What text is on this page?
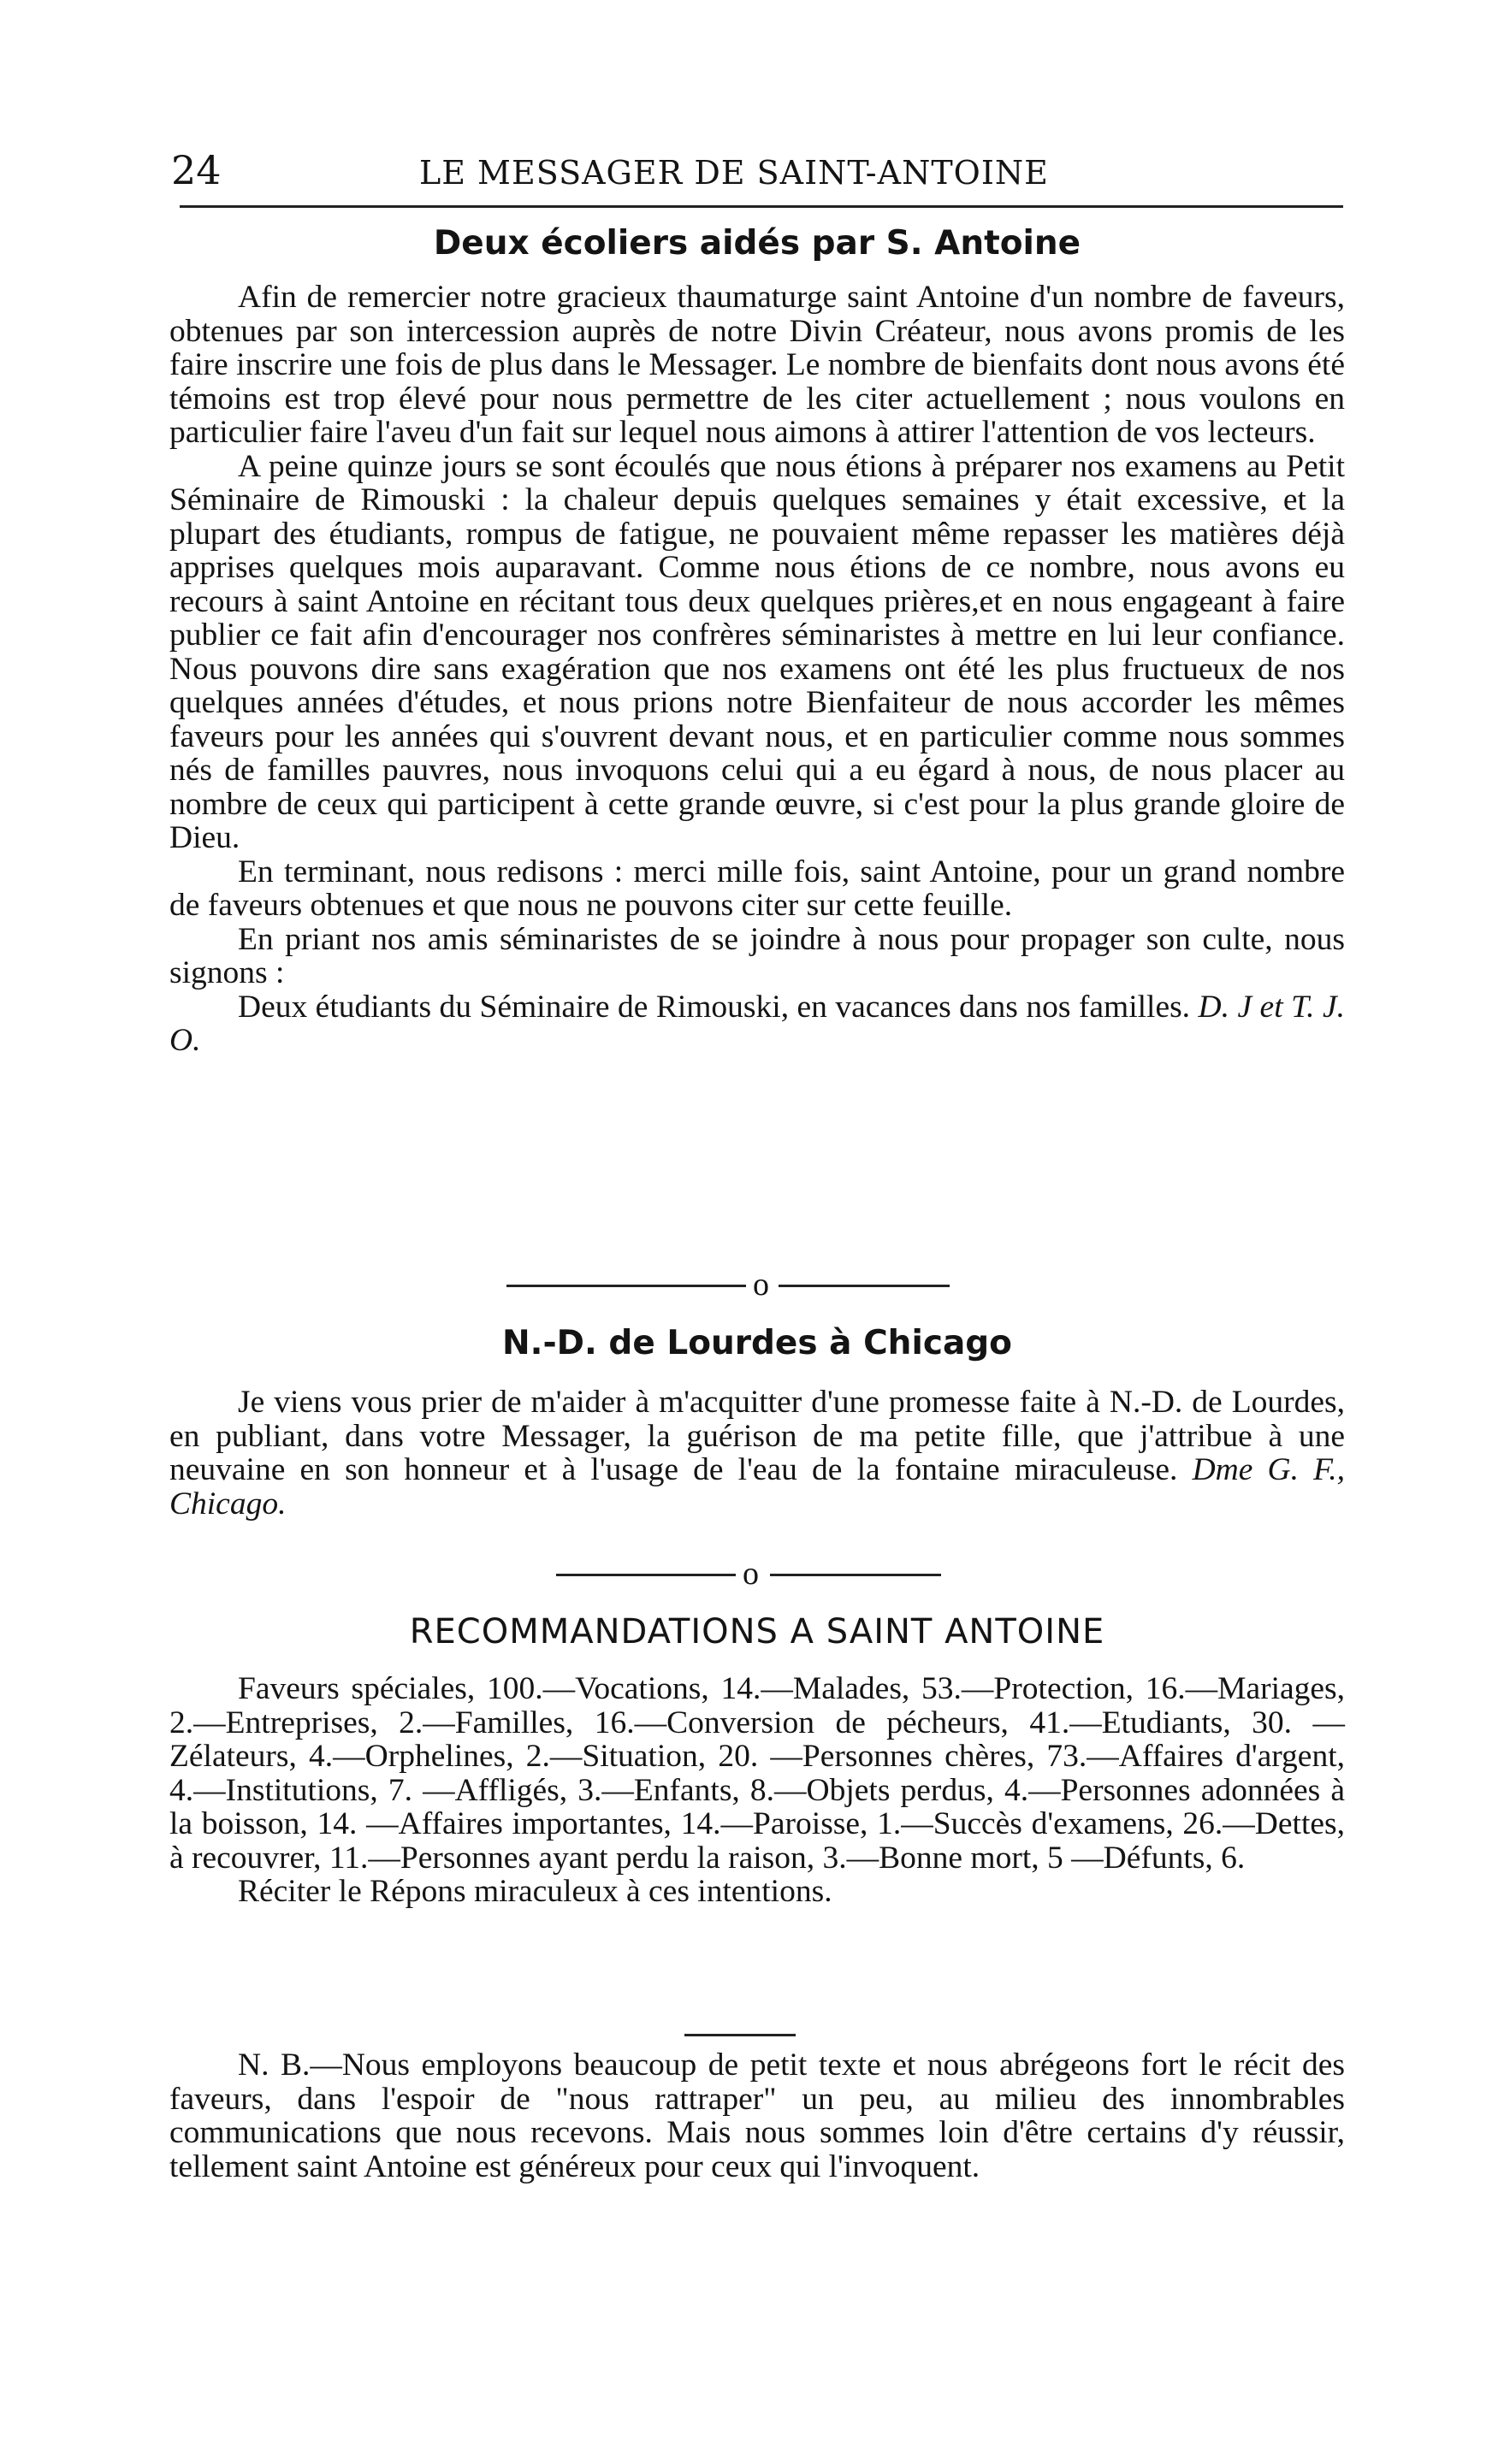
24	LE MESSAGER DE SAINT-ANTOINE
Deux écoliers aidés par S. Antoine

Afin de remercier notre gracieux thaumaturge saint Antoine d'un nombre de faveurs, obtenues par son intercession auprès de notre Divin Créateur, nous avons promis de les faire inscrire une fois de plus dans le Messager. Le nombre de bienfaits dont nous avons été témoins est trop élevé pour nous permettre de les citer actuellement ; nous voulons en particulier faire l'aveu d'un fait sur lequel nous aimons à attirer l'attention de vos lecteurs.

A peine quinze jours se sont écoulés que nous étions à préparer nos examens au Petit Séminaire de Rimouski : la chaleur depuis quelques semaines y était excessive, et la plupart des étudiants, rompus de fatigue, ne pouvaient même repasser les matières déjà apprises quelques mois auparavant. Comme nous étions de ce nombre, nous avons eu recours à saint Antoine en récitant tous deux quelques prières,et en nous engageant à faire publier ce fait afin d'encourager nos confrères séminaristes à mettre en lui leur confiance. Nous pouvons dire sans exagération que nos examens ont été les plus fructueux de nos quelques années d'études, et nous prions notre Bienfaiteur de nous accorder les mêmes faveurs pour les années qui s'ouvrent devant nous, et en particulier comme nous sommes nés de familles pauvres, nous invoquons celui qui a eu égard à nous, de nous placer au nombre de ceux qui participent à cette grande œuvre, si c'est pour la plus grande gloire de Dieu.

En terminant, nous redisons : merci mille fois, saint Antoine, pour un grand nombre de faveurs obtenues et que nous ne pouvons citer sur cette feuille.

En priant nos amis séminaristes de se joindre à nous pour propager son culte, nous signons :

Deux étudiants du Séminaire de Rimouski, en vacances dans nos familles. D. J et T. J. O.

o
N.-D. de Lourdes à Chicago

Je viens vous prier de m'aider à m'acquitter d'une promesse faite à N.-D. de Lourdes, en publiant, dans votre Messager, la guérison de ma petite fille, que j'attribue à une neuvaine en son honneur et à l'usage de l'eau de la fontaine miraculeuse. Dme G. F., Chicago.

o
RECOMMANDATIONS A SAINT ANTOINE

Faveurs spéciales, 100.—Vocations, 14.—Malades, 53.—Protection, 16.—Mariages, 2.—Entreprises, 2.—Familles, 16.—Conversion de pécheurs, 41.—Etudiants, 30. —Zélateurs, 4.—Orphelines, 2.—Situation, 20. —Personnes chères, 73.—Affaires d'argent, 4.—Institutions, 7. —Affligés, 3.—Enfants, 8.—Objets perdus, 4.—Personnes adonnées à la boisson, 14. —Affaires importantes, 14.—Paroisse, 1.—Succès d'examens, 26.—Dettes, à recouvrer, 11.—Personnes ayant perdu la raison, 3.—Bonne mort, 5 —Défunts, 6.

Réciter le Répons miraculeux à ces intentions.

N. B.—Nous employons beaucoup de petit texte et nous abrégeons fort le récit des faveurs, dans l'espoir de "nous rattraper" un peu, au milieu des innombrables communications que nous recevons. Mais nous sommes loin d'être certains d'y réussir, tellement saint Antoine est généreux pour ceux qui l'invoquent.
